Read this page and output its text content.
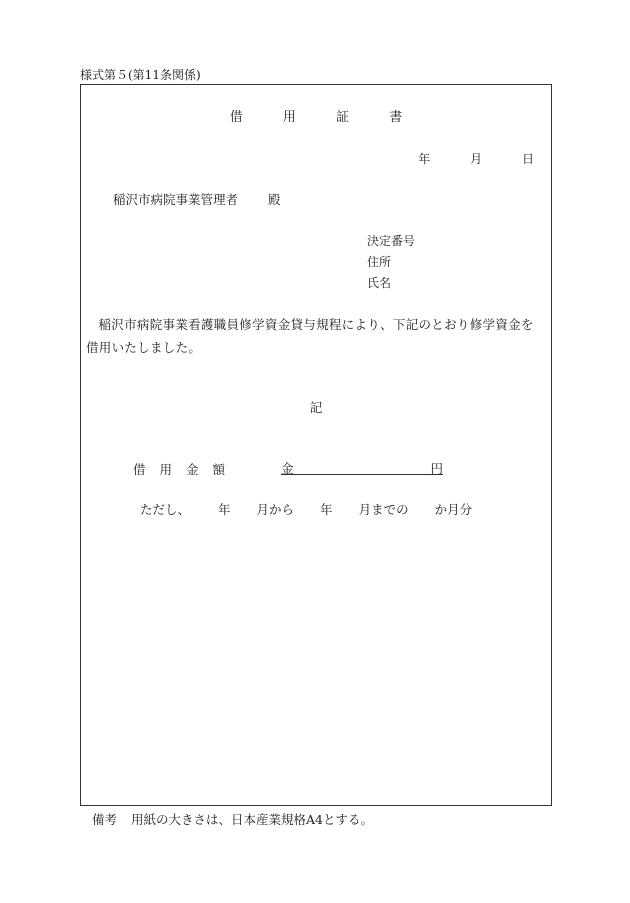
様式第５(第11条関係)
借	用	証	書
年	月	日
稲沢市病院事業管理者 殿
決定番号
住所
氏名
稲沢市病院事業看護職員修学資金貸与規程により、下記のとおり修学資金を借用いたしました。
記
借 用 金 額	金	円
ただし、 年 月から 年 月までの か月分
備考 用紙の大きさは、日本産業規格A4とする。
